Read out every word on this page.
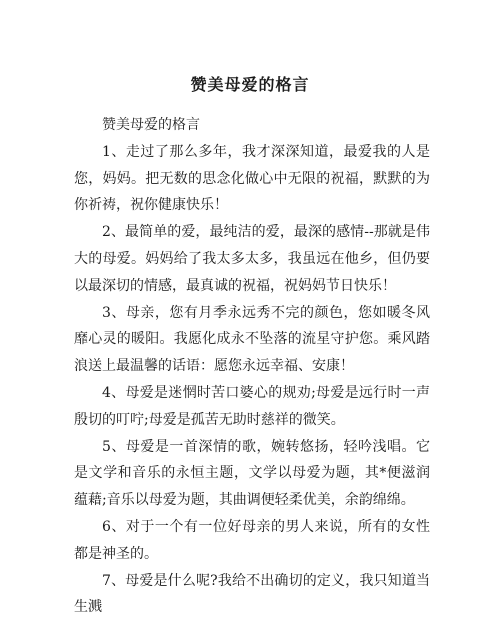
赞美母爱的格言

赞美母爱的格言

1、走过了那么多年，我才深深知道，最爱我的人是您，妈妈。把无数的思念化做心中无限的祝福，默默的为你祈祷，祝你健康快乐！

2、最简单的爱，最纯洁的爱，最深的感情--那就是伟大的母爱。妈妈给了我太多太多，我虽远在他乡，但仍要以最深切的情感，最真诚的祝福，祝妈妈节日快乐！

3、母亲，您有月季永远秀不完的颜色，您如暖冬风靡心灵的暖阳。我愿化成永不坠落的流星守护您。乘风踏浪送上最温馨的话语：愿您永远幸福、安康！

4、母爱是迷惘时苦口婆心的规劝;母爱是远行时一声殷切的叮咛;母爱是孤苦无助时慈祥的微笑。

5、母爱是一首深情的歌，婉转悠扬，轻吟浅唱。它是文学和音乐的永恒主题，文学以母爱为题，其*便滋润蕴藉;音乐以母爱为题，其曲调便轻柔优美，余韵绵绵。

6、对于一个有一位好母亲的男人来说，所有的女性都是神圣的。

7、母爱是什么呢?我给不出确切的定义，我只知道当生溅
